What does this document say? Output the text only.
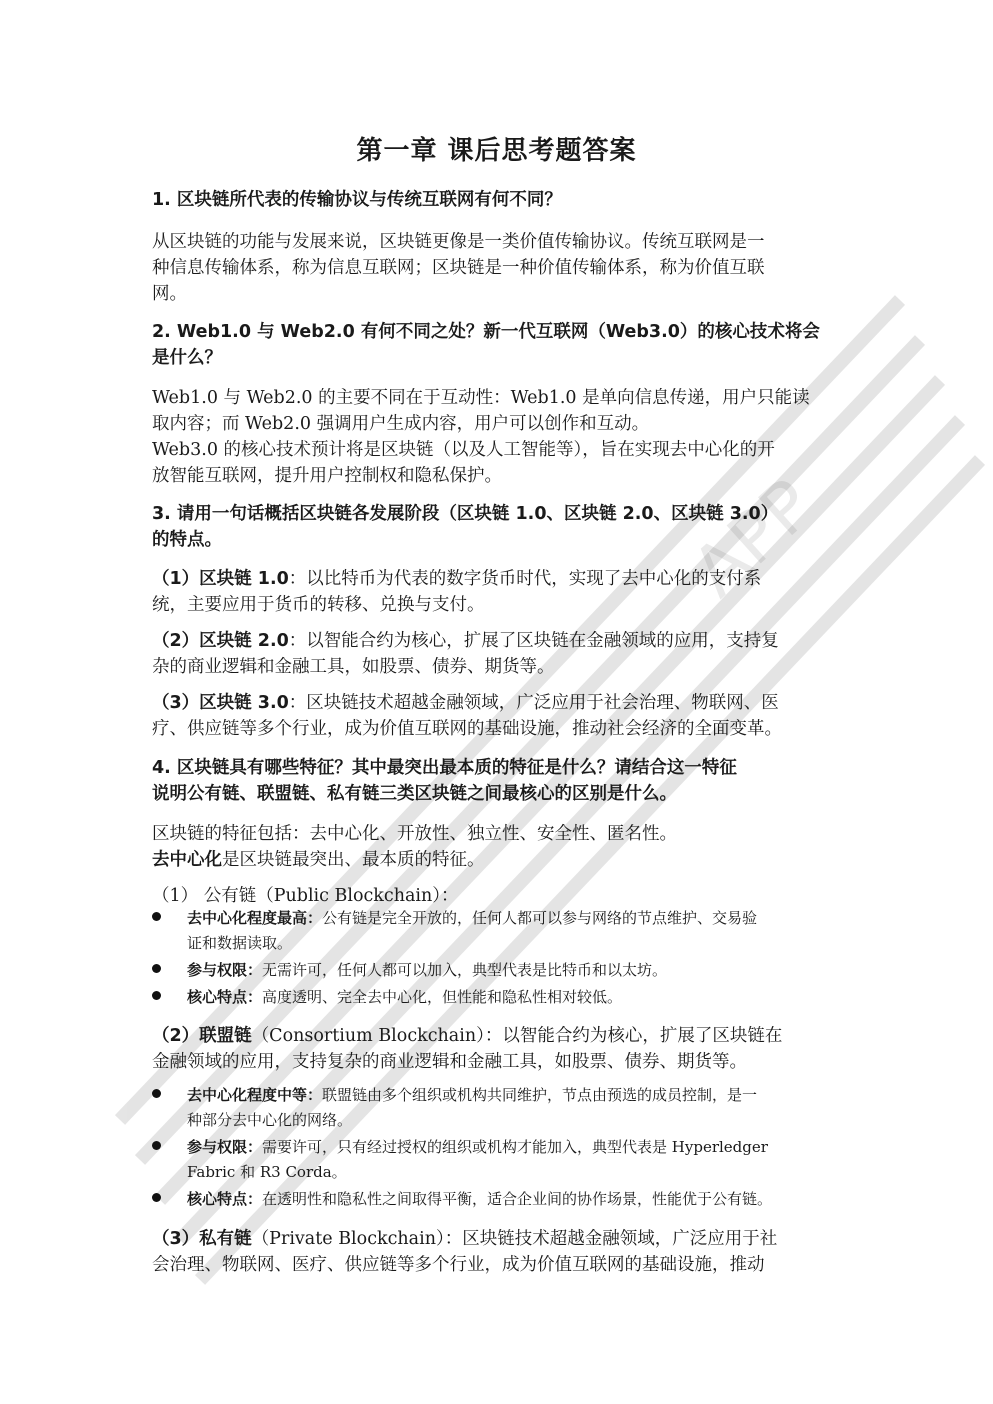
APP
第一章 课后思考题答案

1. 区块链所代表的传输协议与传统互联网有何不同？

从区块链的功能与发展来说，区块链更像是一类价值传输协议。传统互联网是一

种信息传输体系，称为信息互联网；区块链是一种价值传输体系，称为价值互联

网。

2. Web1.0 与 Web2.0 有何不同之处？新一代互联网（Web3.0）的核心技术将会

是什么？

Web1.0 与 Web2.0 的主要不同在于互动性：Web1.0 是单向信息传递，用户只能读

取内容；而 Web2.0 强调用户生成内容，用户可以创作和互动。

Web3.0 的核心技术预计将是区块链（以及人工智能等），旨在实现去中心化的开

放智能互联网，提升用户控制权和隐私保护。

3. 请用一句话概括区块链各发展阶段（区块链 1.0、区块链 2.0、区块链 3.0）

的特点。

（1）区块链 1.0：以比特币为代表的数字货币时代，实现了去中心化的支付系

统，主要应用于货币的转移、兑换与支付。

（2）区块链 2.0：以智能合约为核心，扩展了区块链在金融领域的应用，支持复

杂的商业逻辑和金融工具，如股票、债券、期货等。

（3）区块链 3.0：区块链技术超越金融领域，广泛应用于社会治理、物联网、医

疗、供应链等多个行业，成为价值互联网的基础设施，推动社会经济的全面变革。

4. 区块链具有哪些特征？其中最突出最本质的特征是什么？请结合这一特征

说明公有链、联盟链、私有链三类区块链之间最核心的区别是什么。

区块链的特征包括：去中心化、开放性、独立性、安全性、匿名性。

去中心化是区块链最突出、最本质的特征。

（1） 公有链（Public Blockchain）：

去中心化程度最高：公有链是完全开放的，任何人都可以参与网络的节点维护、交易验

证和数据读取。

参与权限：无需许可，任何人都可以加入，典型代表是比特币和以太坊。

核心特点：高度透明、完全去中心化，但性能和隐私性相对较低。

（2）联盟链（Consortium Blockchain）：以智能合约为核心，扩展了区块链在

金融领域的应用，支持复杂的商业逻辑和金融工具，如股票、债券、期货等。

去中心化程度中等：联盟链由多个组织或机构共同维护，节点由预选的成员控制，是一

种部分去中心化的网络。

参与权限：需要许可，只有经过授权的组织或机构才能加入，典型代表是 Hyperledger

Fabric 和 R3 Corda。

核心特点：在透明性和隐私性之间取得平衡，适合企业间的协作场景，性能优于公有链。

（3）私有链（Private Blockchain）：区块链技术超越金融领域，广泛应用于社

会治理、物联网、医疗、供应链等多个行业，成为价值互联网的基础设施，推动
